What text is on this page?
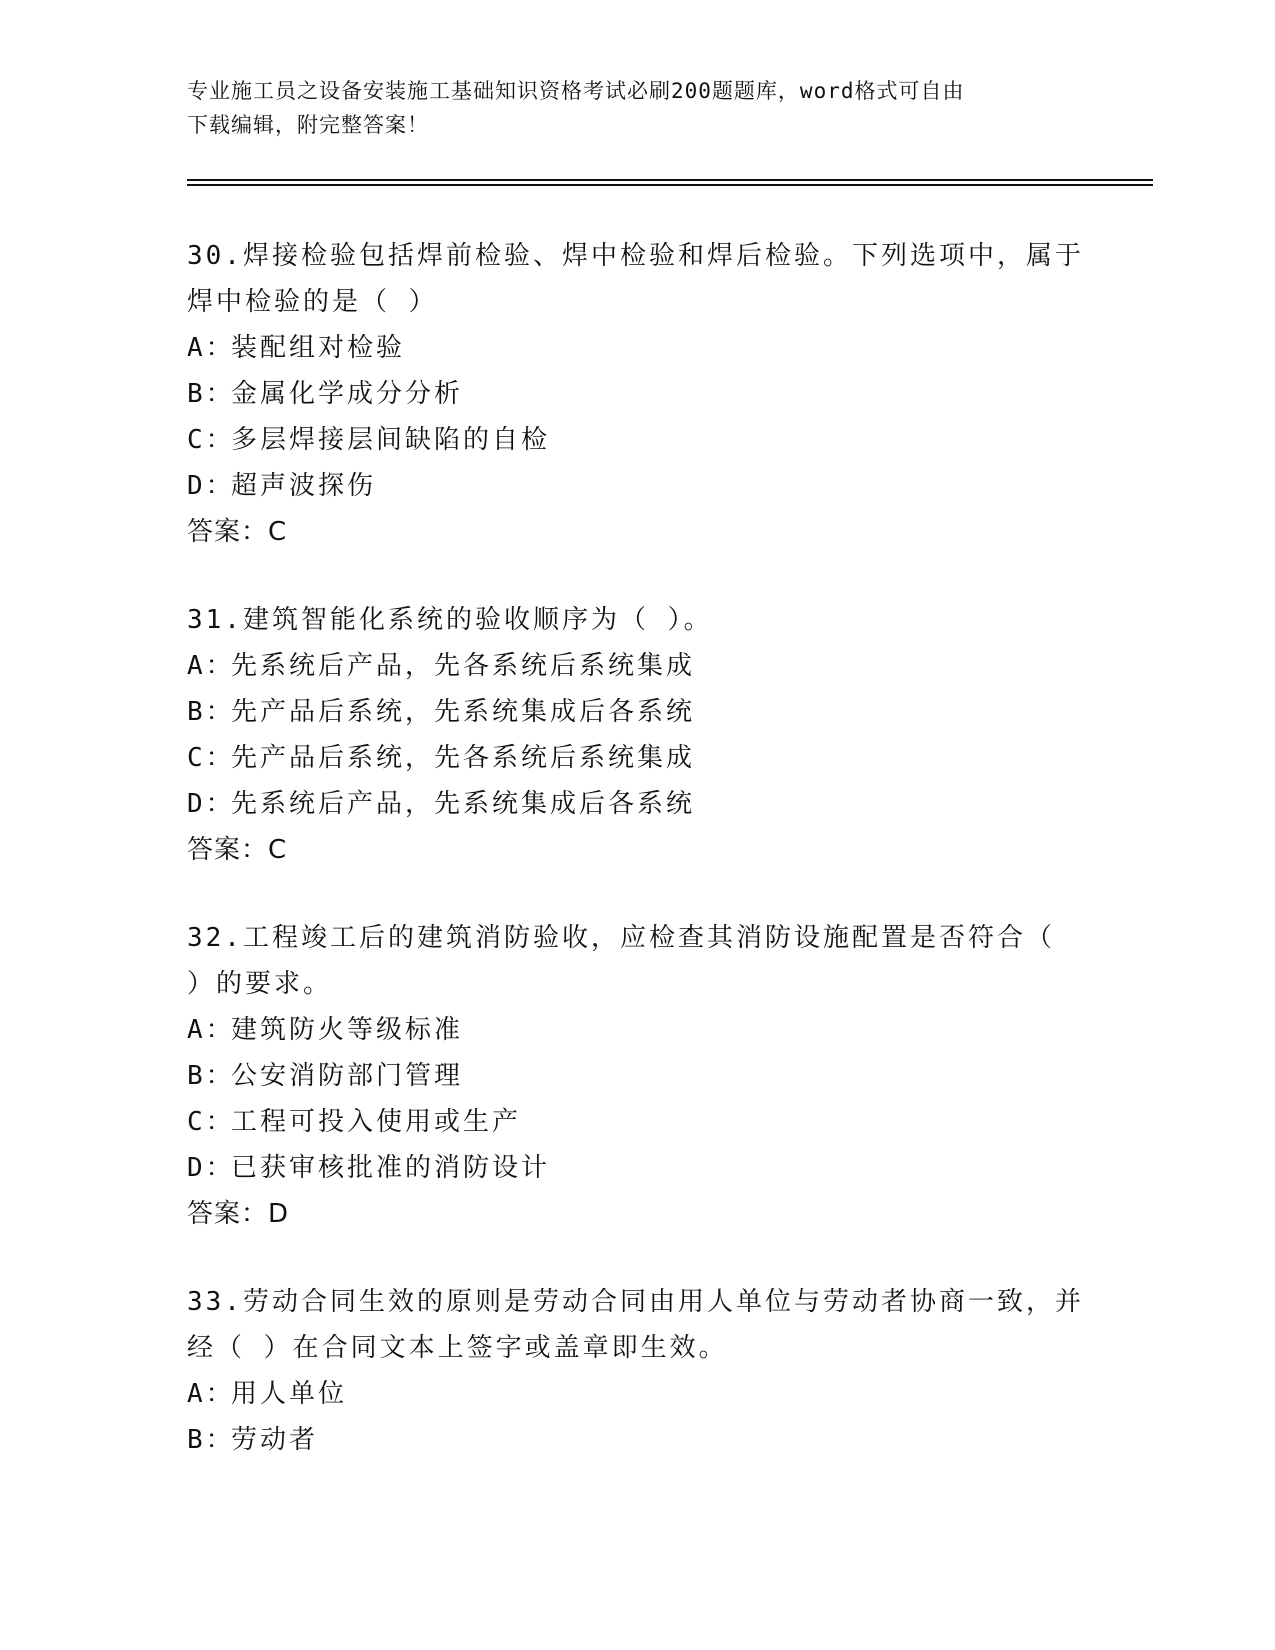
专业施工员之设备安装施工基础知识资格考试必刷200题题库，word格式可自由
下载编辑，附完整答案！

30.焊接检验包括焊前检验、焊中检验和焊后检验。下列选项中，属于焊中检验的是（ ）

A：装配组对检验

B：金属化学成分分析

C：多层焊接层间缺陷的自检

D：超声波探伤

答案：C

31.建筑智能化系统的验收顺序为（ ）。

A：先系统后产品，先各系统后系统集成

B：先产品后系统，先系统集成后各系统

C：先产品后系统，先各系统后系统集成

D：先系统后产品，先系统集成后各系统

答案：C

32.工程竣工后的建筑消防验收，应检查其消防设施配置是否符合（ ）的要求。

A：建筑防火等级标准

B：公安消防部门管理

C：工程可投入使用或生产

D：已获审核批准的消防设计

答案：D

33.劳动合同生效的原则是劳动合同由用人单位与劳动者协商一致，并经（ ）在合同文本上签字或盖章即生效。

A：用人单位

B：劳动者
